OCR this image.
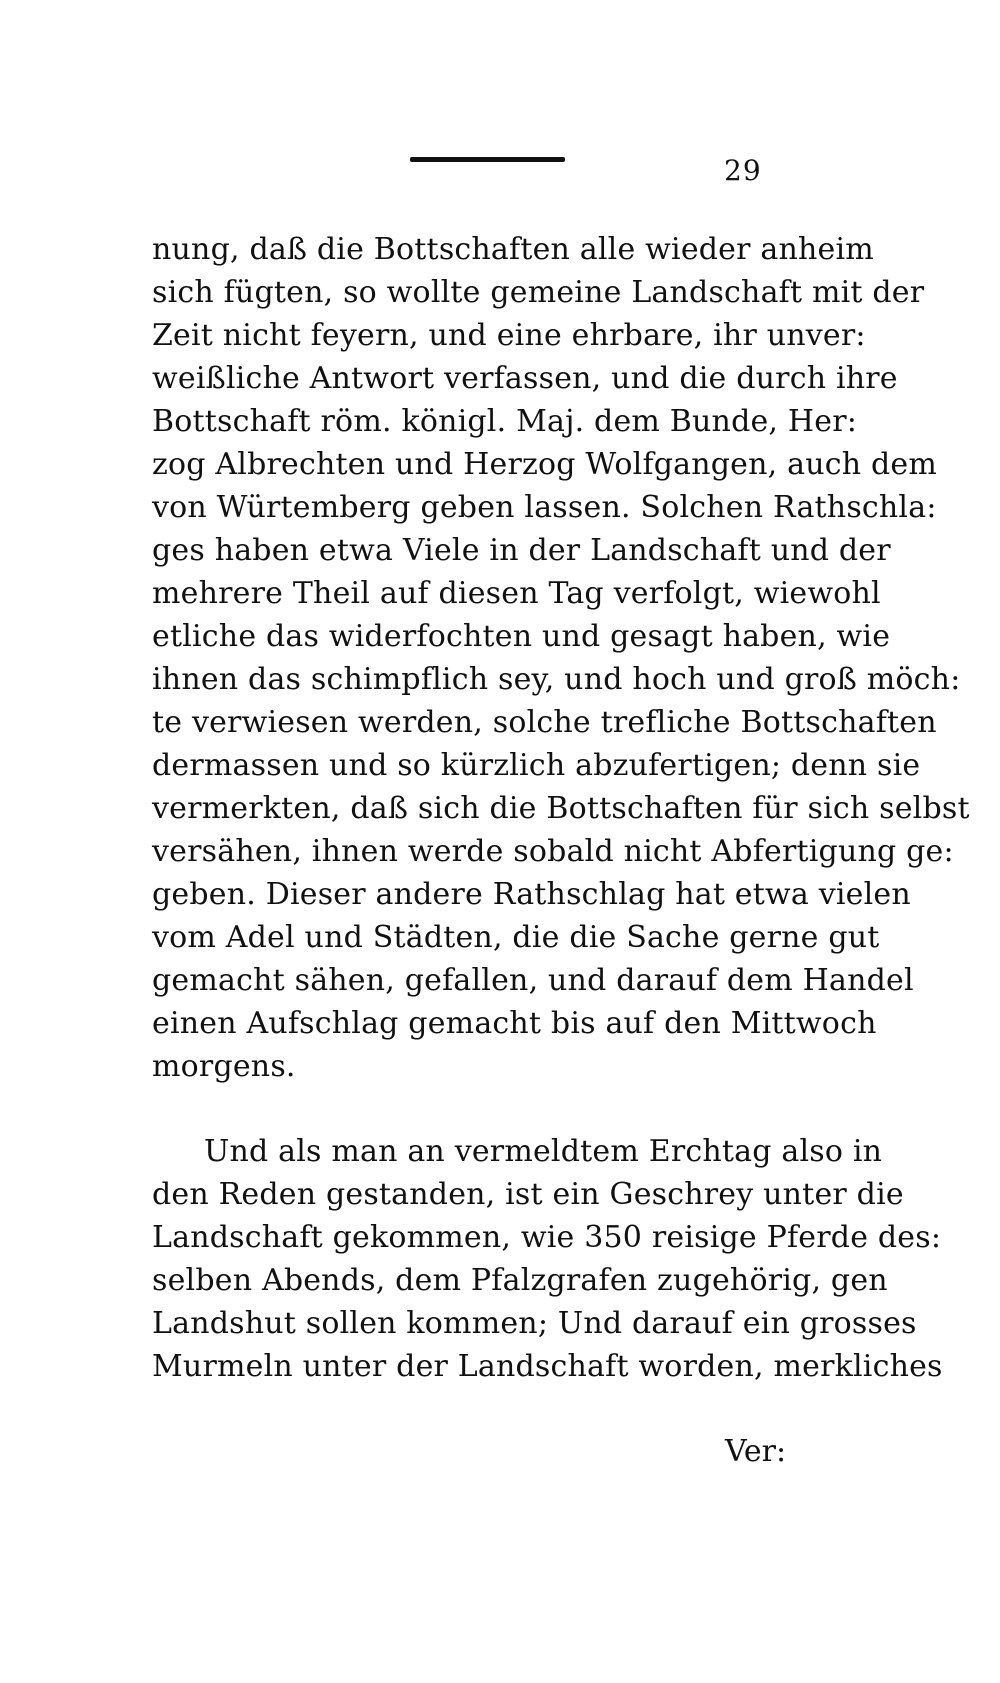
29
nung, daß die Bottschaften alle wieder anheim
sich fügten, so wollte gemeine Landschaft mit der
Zeit nicht feyern, und eine ehrbare, ihr unver:
weißliche Antwort verfassen, und die durch ihre
Bottschaft röm. königl. Maj. dem Bunde, Her:
zog Albrechten und Herzog Wolfgangen, auch dem
von Würtemberg geben lassen. Solchen Rathschla:
ges haben etwa Viele in der Landschaft und der
mehrere Theil auf diesen Tag verfolgt, wiewohl
etliche das widerfochten und gesagt haben, wie
ihnen das schimpflich sey, und hoch und groß möch:
te verwiesen werden, solche trefliche Bottschaften
dermassen und so kürzlich abzufertigen; denn sie
vermerkten, daß sich die Bottschaften für sich selbst
versähen, ihnen werde sobald nicht Abfertigung ge:
geben. Dieser andere Rathschlag hat etwa vielen
vom Adel und Städten, die die Sache gerne gut
gemacht sähen, gefallen, und darauf dem Handel
einen Aufschlag gemacht bis auf den Mittwoch
morgens.
Und als man an vermeldtem Erchtag also in
den Reden gestanden, ist ein Geschrey unter die
Landschaft gekommen, wie 350 reisige Pferde des:
selben Abends, dem Pfalzgrafen zugehörig, gen
Landshut sollen kommen; Und darauf ein grosses
Murmeln unter der Landschaft worden, merkliches
Ver:
